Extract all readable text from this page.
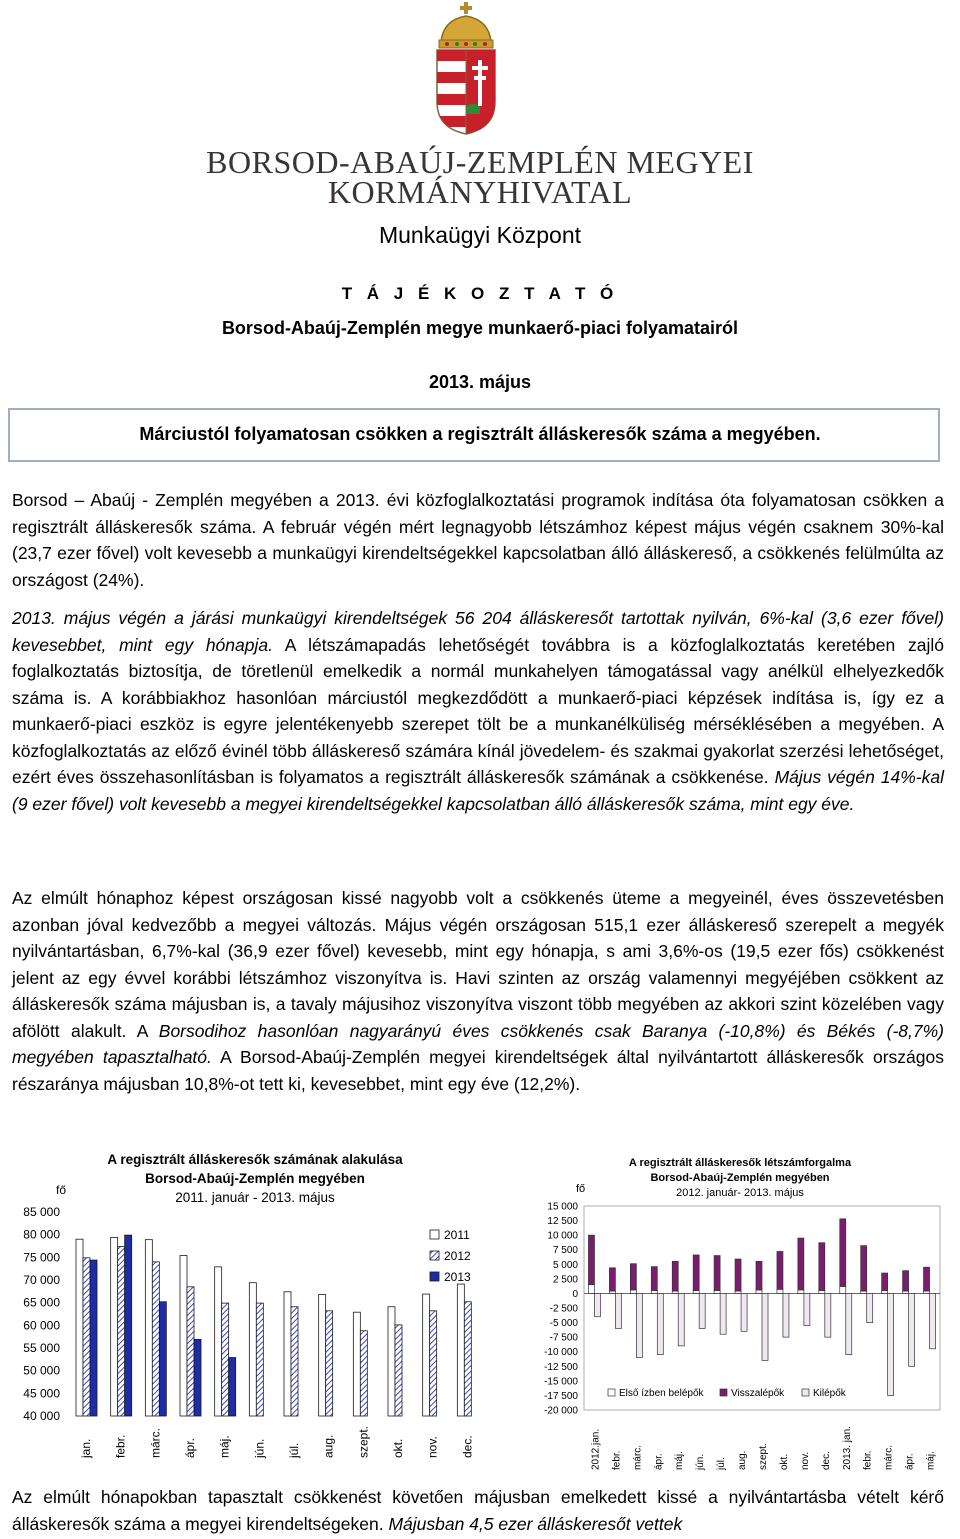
BORSOD-ABAÚJ-ZEMPLÉN MEGYEI
KORMÁNYHIVATAL
Munkaügyi Központ
T Á J É K O Z T A T Ó
Borsod-Abaúj-Zemplén megye munkaerő-piaci folyamatairól
2013. május
Márciustól folyamatosan csökken a regisztrált álláskeresők száma a megyében.

Borsod – Abaúj - Zemplén megyében a 2013. évi közfoglalkoztatási programok indítása óta folyamatosan csökken a regisztrált álláskeresők száma. A február végén mért legnagyobb létszámhoz képest május végén csaknem 30%-kal (23,7 ezer fővel) volt kevesebb a munkaügyi kirendeltségekkel kapcsolatban álló álláskereső, a csökkenés felülmúlta az országost (24%).

2013. május végén a járási munkaügyi kirendeltségek 56 204 álláskeresőt tartottak nyilván, 6%-kal (3,6 ezer fővel) kevesebbet, mint egy hónapja. A létszámapadás lehetőségét továbbra is a közfoglalkoztatás keretében zajló foglalkoztatás biztosítja, de töretlenül emelkedik a normál munkahelyen támogatással vagy anélkül elhelyezkedők száma is. A korábbiakhoz hasonlóan márciustól megkezdődött a munkaerő-piaci képzések indítása is, így ez a munkaerő-piaci eszköz is egyre jelentékenyebb szerepet tölt be a munkanélküliség mérséklésében a megyében. A közfoglalkoztatás az előző évinél több álláskereső számára kínál jövedelem- és szakmai gyakorlat szerzési lehetőséget, ezért éves összehasonlításban is folyamatos a regisztrált álláskeresők számának a csökkenése. Május végén 14%-kal (9 ezer fővel) volt kevesebb a megyei kirendeltségekkel kapcsolatban álló álláskeresők száma, mint egy éve.

Az elmúlt hónaphoz képest országosan kissé nagyobb volt a csökkenés üteme a megyeinél, éves összevetésben azonban jóval kedvezőbb a megyei változás. Május végén országosan 515,1 ezer álláskereső szerepelt a megyék nyilvántartásban, 6,7%-kal (36,9 ezer fővel) kevesebb, mint egy hónapja, s ami 3,6%-os (19,5 ezer fős) csökkenést jelent az egy évvel korábbi létszámhoz viszonyítva is. Havi szinten az ország valamennyi megyéjében csökkent az álláskeresők száma májusban is, a tavaly májusihoz viszonyítva viszont több megyében az akkori szint közelében vagy afölött alakult. A Borsodihoz hasonlóan nagyarányú éves csökkenés csak Baranya (-10,8%) és Békés (-8,7%) megyében tapasztalható. A Borsod-Abaúj-Zemplén megyei kirendeltségek által nyilvántartott álláskeresők országos részaránya májusban 10,8%-ot tett ki, kevesebbet, mint egy éve (12,2%).

A regisztrált álláskeresők számának alakulása
Borsod-Abaúj-Zemplén megyében
2011. január - 2013. május
fő
85 000
80 000
75 000
70 000
65 000
60 000
55 000
50 000
45 000
40 000
jan. febr. márc. ápr. máj. jún. júl. aug. szept. okt. nov. dec.
2011
2012
2013
A regisztrált álláskeresők létszámforgalma
Borsod-Abaúj-Zemplén megyében
2012. január- 2013. május
fő
15 000
12 500
10 000
7 500
5 000
2 500
0
-2 500
-5 000
-7 500
-10 000
-12 500
-15 000
-17 500
-20 000
2012.jan. febr. márc. ápr. máj. jún. júl. aug. szept. okt. nov. dec. 2013. jan. febr. márc. ápr. máj.
Első ízben belépők	Visszalépők	Kilépők

Az elmúlt hónapokban tapasztalt csökkenést követően májusban emelkedett kissé a nyilvántartásba vételt kérő álláskeresők száma a megyei kirendeltségeken. Májusban 4,5 ezer álláskeresőt vettek
